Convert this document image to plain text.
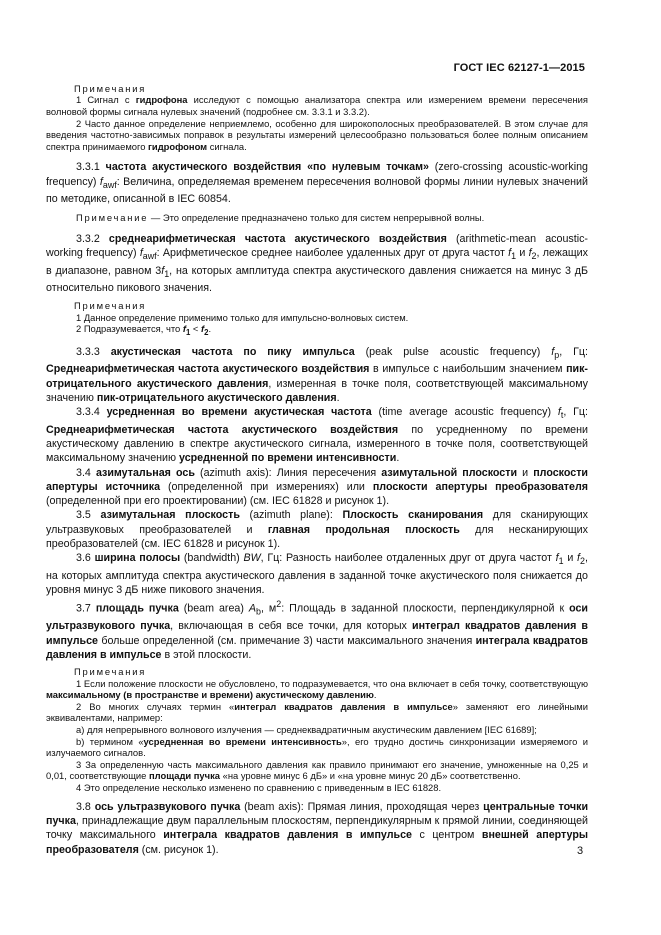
ГОСТ IEC 62127-1—2015
Примечания

1 Сигнал с гидрофона исследуют с помощью анализатора спектра или измерением времени пересечения волновой формы сигнала нулевых значений (подробнее см. 3.3.1 и 3.3.2).

2 Часто данное определение неприемлемо, особенно для широкополосных преобразователей. В этом случае для введения частотно-зависимых поправок в результаты измерений целесообразно пользоваться более полным описанием спектра принимаемого гидрофоном сигнала.

3.3.1 частота акустического воздействия «по нулевым точкам» (zero-crossing acoustic-working frequency) $f_{awf}$: Величина, определяемая временем пересечения волновой формы линии нулевых значений по методике, описанной в IEC 60854.

Примечание — Это определение предназначено только для систем непрерывной волны.

3.3.2 среднеарифметическая частота акустического воздействия (arithmetic-mean acoustic-working frequency) $f_{awf}$: Арифметическое среднее наиболее удаленных друг от друга частот $f_1$ и $f_2$, лежащих в диапазоне, равном $3f_1$, на которых амплитуда спектра акустического давления снижается на минус 3 дБ относительно пикового значения.

Примечания

1 Данное определение применимо только для импульсно-волновых систем.

2 Подразумевается, что $f_1 < f_2$.

3.3.3 акустическая частота по пику импульса (peak pulse acoustic frequency) $f_p$, Гц: Среднеарифметическая частота акустического воздействия в импульсе с наибольшим значением пик-отрицательного акустического давления, измеренная в точке поля, соответствующей максимальному значению пик-отрицательного акустического давления.

3.3.4 усредненная во времени акустическая частота (time average acoustic frequency) $f_t$, Гц: Среднеарифметическая частота акустического воздействия по усредненному по времени акустическому давлению в спектре акустического сигнала, измеренного в точке поля, соответствующей максимальному значению усредненной по времени интенсивности.

3.4 азимутальная ось (azimuth axis): Линия пересечения азимутальной плоскости и плоскости апертуры источника (определенной при измерениях) или плоскости апертуры преобразователя (определенной при его проектировании) (см. IEC 61828 и рисунок 1).

3.5 азимутальная плоскость (azimuth plane): Плоскость сканирования для сканирующих ультразвуковых преобразователей и главная продольная плоскость для несканирующих преобразователей (см. IEC 61828 и рисунок 1).

3.6 ширина полосы (bandwidth) BW, Гц: Разность наиболее отдаленных друг от друга частот $f_1$ и $f_2$, на которых амплитуда спектра акустического давления в заданной точке акустического поля снижается до уровня минус 3 дБ ниже пикового значения.

3.7 площадь пучка (beam area) $A_b$, $м^2$: Площадь в заданной плоскости, перпендикулярной к оси ультразвукового пучка, включающая в себя все точки, для которых интеграл квадратов давления в импульсе больше определенной (см. примечание 3) части максимального значения интеграла квадратов давления в импульсе в этой плоскости.

Примечания

1 Если положение плоскости не обусловлено, то подразумевается, что она включает в себя точку, соответствующую максимальному (в пространстве и времени) акустическому давлению.

2 Во многих случаях термин «интеграл квадратов давления в импульсе» заменяют его линейными эквивалентами, например:

a) для непрерывного волнового излучения — среднеквадратичным акустическим давлением [IEC 61689];

b) термином «усредненная во времени интенсивность», его трудно достичь синхронизации измеряемого и излучаемого сигналов.

3 За определенную часть максимального давления как правило принимают его значение, умноженные на 0,25 и 0,01, соответствующие площади пучка «на уровне минус 6 дБ» и «на уровне минус 20 дБ» соответственно.

4 Это определение несколько изменено по сравнению с приведенным в IEC 61828.

3.8 ось ультразвукового пучка (beam axis): Прямая линия, проходящая через центральные точки пучка, принадлежащие двум параллельным плоскостям, перпендикулярным к прямой линии, соединяющей точку максимального интеграла квадратов давления в импульсе с центром внешней апертуры преобразователя (см. рисунок 1).	3
